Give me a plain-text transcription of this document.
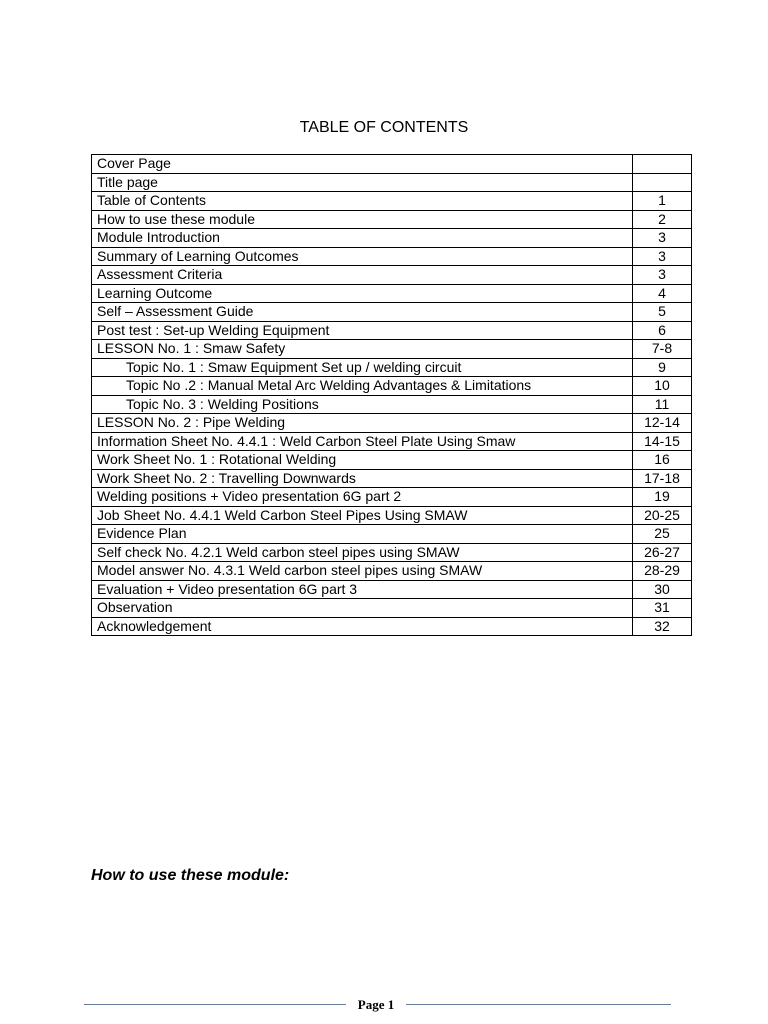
TABLE OF CONTENTS
Cover Page	
Title page	
Table of Contents	1
How to use these module	2
Module Introduction	3
Summary of Learning Outcomes	3
Assessment Criteria	3
Learning Outcome	4
Self – Assessment Guide	5
Post test : Set-up Welding Equipment	6
LESSON No. 1 : Smaw Safety	7-8
Topic No. 1 : Smaw Equipment Set up / welding circuit	9
Topic No .2 : Manual Metal Arc Welding Advantages & Limitations	10
Topic No. 3 : Welding Positions	11
LESSON No. 2 : Pipe Welding	12-14
Information Sheet No. 4.4.1 : Weld Carbon Steel Plate Using Smaw	14-15
Work Sheet No. 1 : Rotational Welding	16
Work Sheet No. 2 : Travelling Downwards	17-18
Welding positions + Video presentation 6G part 2	19
Job Sheet No. 4.4.1 Weld Carbon Steel Pipes Using SMAW	20-25
Evidence Plan	25
Self check No. 4.2.1 Weld carbon steel pipes using SMAW	26-27
Model answer No. 4.3.1 Weld carbon steel pipes using SMAW	28-29
Evaluation + Video presentation 6G part 3	30
Observation	31
Acknowledgement	32
How to use these module:
Page 1
